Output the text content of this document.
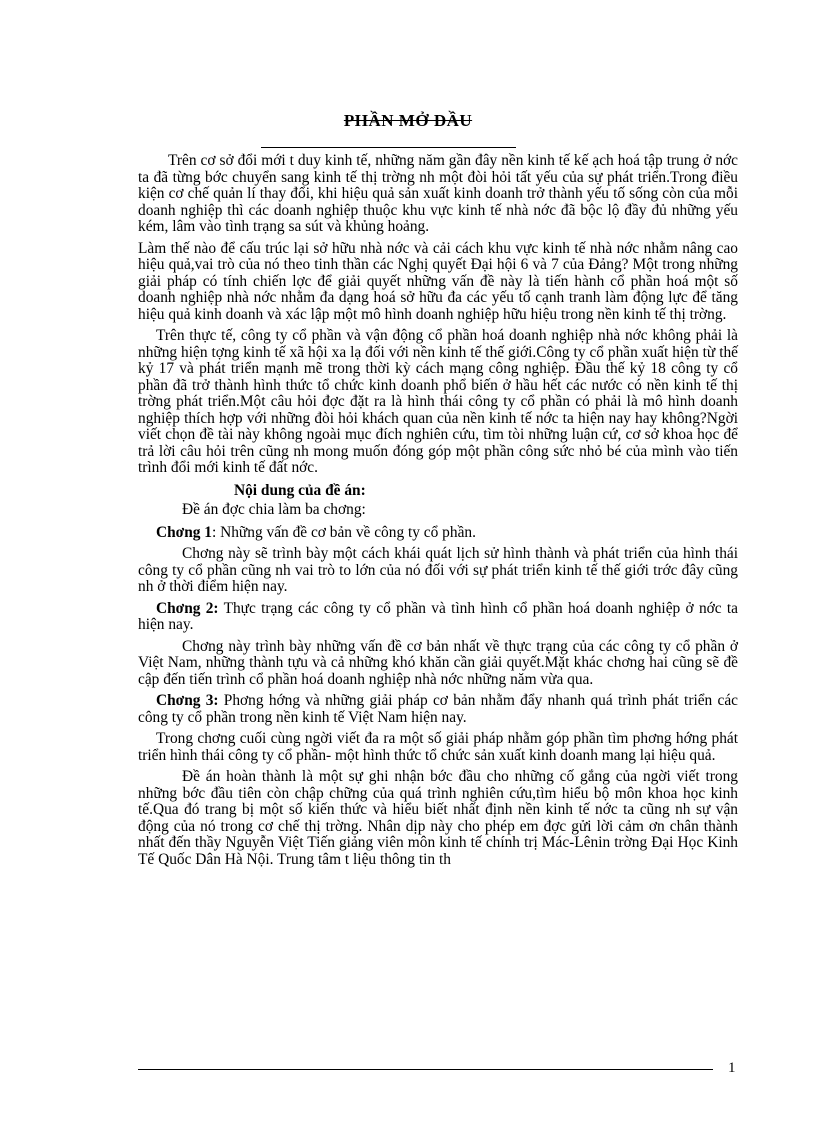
PHẦN MỞ ĐẦU

Trên cơ sở đổi mới t duy kinh tế, những năm gần đây nền kinh tế kế ạch hoá tập trung ở nớc ta đã từng bớc chuyển sang kinh tế thị trờng nh một đòi hỏi tất yếu của sự phát triển.Trong điều kiện cơ chế quản lí thay đổi, khi hiệu quả sản xuất kinh doanh trở thành yếu tố sống còn của mỗi doanh nghiệp thì các doanh nghiệp thuộc khu vực kinh tế nhà nớc đã bộc lộ đầy đủ những yếu kém, lâm vào tình trạng sa sút và khủng hoảng.

Làm thế nào để cấu trúc lại sở hữu nhà nớc và cải cách khu vực kinh tế nhà nớc nhằm nâng cao hiệu quả,vai trò của nó theo tinh thần các Nghị quyết Đại hội 6 và 7 của Đảng? Một trong những giải pháp có tính chiến lợc để giải quyết những vấn đề này là tiến hành cổ phần hoá một số doanh nghiệp nhà nớc nhằm đa dạng hoá sở hữu đa các yếu tố cạnh tranh làm động lực để tăng hiệu quả kinh doanh và xác lập một mô hình doanh nghiệp hữu hiệu trong nền kinh tế thị trờng.

Trên thực tế, công ty cổ phần và vận động cổ phần hoá doanh nghiệp nhà nớc không phải là những hiện tợng kinh tế xã hội xa lạ đối với nền kinh tế thế giới.Công ty cổ phần xuất hiện từ thế kỷ 17 và phát triển mạnh mẽ trong thời kỳ cách mạng công nghiệp. Đầu thế kỷ 18 công ty cổ phần đã trở thành hình thức tổ chức kinh doanh phổ biến ở hầu hết các nước có nền kinh tế thị trờng phát triển.Một câu hỏi đợc đặt ra là hình thái công ty cổ phần có phải là mô hình doanh nghiệp thích hợp với những đòi hỏi khách quan của nền kinh tế nớc ta hiện nay hay không?Ngời viết chọn đề tài này không ngoài mục đích nghiên cứu, tìm tòi những luận cứ, cơ sở khoa học để trả lời câu hỏi trên cũng nh mong muốn đóng góp một phần công sức nhỏ bé của mình vào tiến trình đổi mới kinh tế đất nớc.

Nội dung của đề án:

Đề án đợc chia làm ba chơng:

Chơng 1: Những vấn đề cơ bản về công ty cổ phần.

Chơng này sẽ trình bày một cách khái quát lịch sử hình thành và phát triển của hình thái công ty cổ phần cũng nh vai trò to lớn của nó đối với sự phát triển kinh tế thế giới trớc đây cũng nh ở thời điểm hiện nay.

Chơng 2: Thực trạng các công ty cổ phần và tình hình cổ phần hoá doanh nghiệp ở nớc ta hiện nay.

Chơng này trình bày những vấn đề cơ bản nhất về thực trạng của các công ty cổ phần ở Việt Nam, những thành tựu và cả những khó khăn cần giải quyết.Mặt khác chơng hai cũng sẽ đề cập đến tiến trình cổ phần hoá doanh nghiệp nhà nớc những năm vừa qua.

Chơng 3: Phơng hớng và những giải pháp cơ bản nhằm đẩy nhanh quá trình phát triển các công ty cổ phần trong nền kinh tế Việt Nam hiện nay.

Trong chơng cuối cùng ngời viết đa ra một số giải pháp nhằm góp phần tìm phơng hớng phát triển hình thái công ty cổ phần- một hình thức tổ chức sản xuất kinh doanh mang lại hiệu quả.

Đề án hoàn thành là một sự ghi nhận bớc đầu cho những cố gắng của ngời viết trong những bớc đầu tiên còn chập chững của quá trình nghiên cứu,tìm hiểu bộ môn khoa học kinh tế.Qua đó trang bị một số kiến thức và hiểu biết nhất định nền kinh tế nớc ta cũng nh sự vận động của nó trong cơ chế thị trờng. Nhân dịp này cho phép em đợc gửi lời cảm ơn chân thành nhất đến thầy Nguyễn Việt Tiến giảng viên môn kinh tế chính trị Mác-Lênin trờng Đại Học Kinh Tế Quốc Dân Hà Nội. Trung tâm t liệu thông tin th

1
